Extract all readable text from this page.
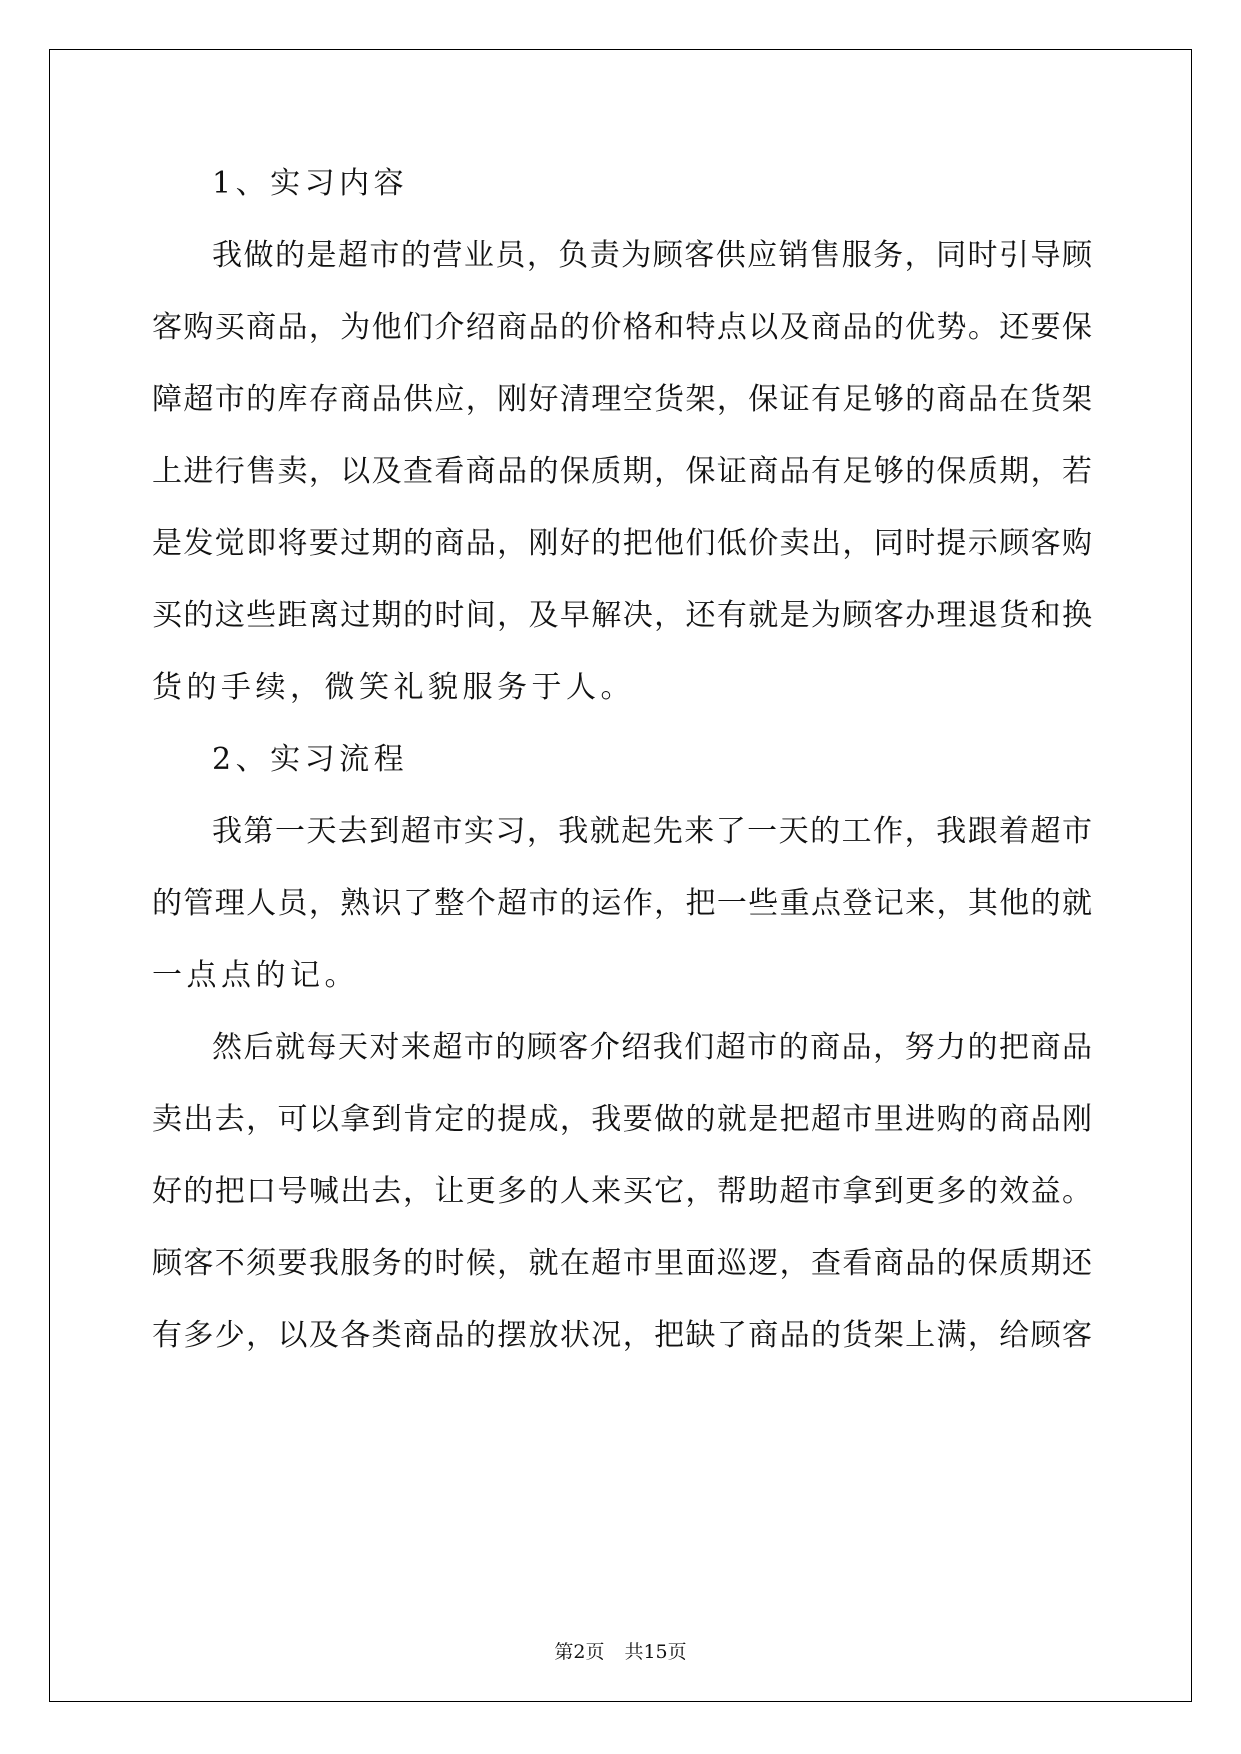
1、实习内容
我做的是超市的营业员，负责为顾客供应销售服务，同时引导顾
客购买商品，为他们介绍商品的价格和特点以及商品的优势。还要保
障超市的库存商品供应，刚好清理空货架，保证有足够的商品在货架
上进行售卖，以及查看商品的保质期，保证商品有足够的保质期，若
是发觉即将要过期的商品，刚好的把他们低价卖出，同时提示顾客购
买的这些距离过期的时间，及早解决，还有就是为顾客办理退货和换
货的手续，微笑礼貌服务于人。
2、实习流程
我第一天去到超市实习，我就起先来了一天的工作，我跟着超市
的管理人员，熟识了整个超市的运作，把一些重点登记来，其他的就
一点点的记。
然后就每天对来超市的顾客介绍我们超市的商品，努力的把商品
卖出去，可以拿到肯定的提成，我要做的就是把超市里进购的商品刚
好的把口号喊出去，让更多的人来买它，帮助超市拿到更多的效益。
顾客不须要我服务的时候，就在超市里面巡逻，查看商品的保质期还
有多少，以及各类商品的摆放状况，把缺了商品的货架上满，给顾客
第2页 共15页
